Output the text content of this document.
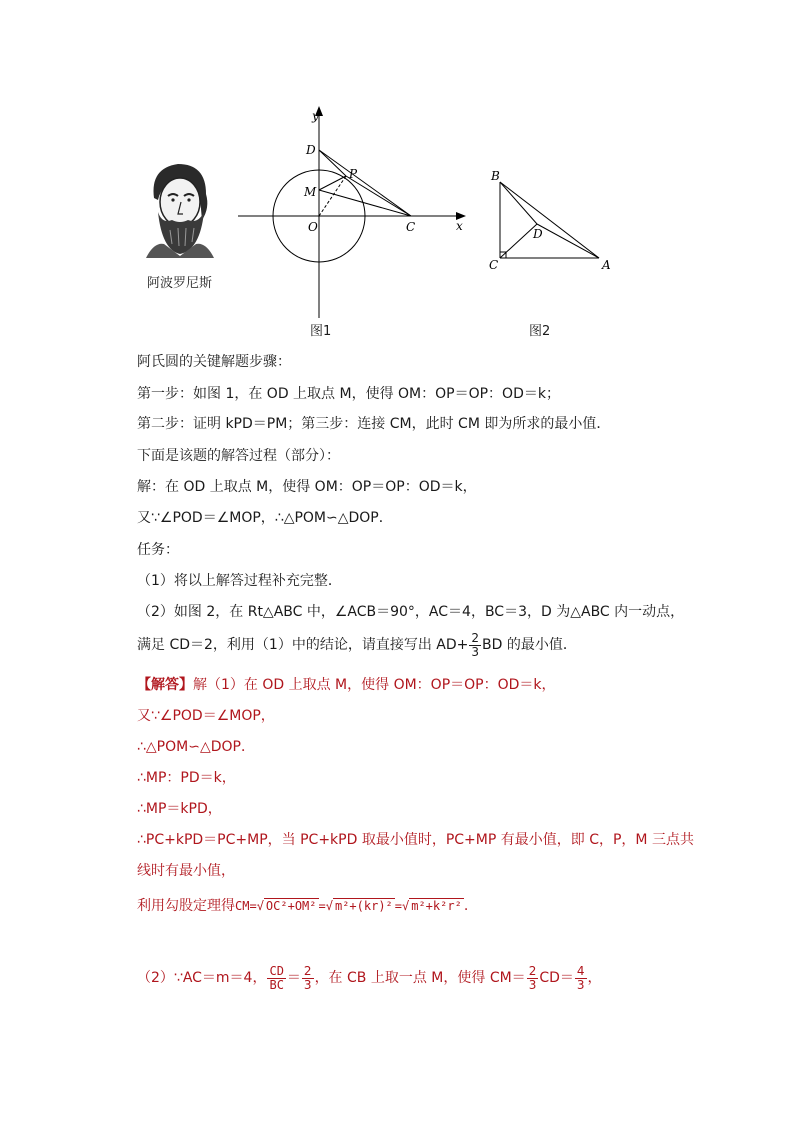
阿波罗尼斯
y
x
D
M
P
O	C
图1
B
D
C	A
图2
阿氏圆的关键解题步骤：
第一步：如图 1，在 OD 上取点 M，使得 OM：OP＝OP：OD＝k；
第二步：证明 kPD＝PM；第三步：连接 CM，此时 CM 即为所求的最小值．
下面是该题的解答过程（部分）：
解：在 OD 上取点 M，使得 OM：OP＝OP：OD＝k，
又∵∠POD＝∠MOP，∴△POM∽△DOP．
任务：
（1）将以上解答过程补充完整．
（2）如图 2，在 Rt△ABC 中，∠ACB＝90°，AC＝4，BC＝3，D 为△ABC 内一动点，
满足 CD＝2，利用（1）中的结论，请直接写出 $AD+ \frac{2}{3}$ BD 的最小值．
【解答】解（1）在 OD 上取点 M，使得 OM：OP＝OP：OD＝k，
又∵∠POD＝∠MOP，
∴△POM∽△DOP．
∴MP：PD＝k，
∴MP＝kPD，
∴PC+kPD＝PC+MP，当 PC+kPD 取最小值时，PC+MP 有最小值，即 C，P，M 三点共
线时有最小值，
利用勾股定理得CM=√ OC²+OM² =√ m²+(kr)² =√ m²+k²r² .
（2）∵AC＝m＝4， $\frac{CD}{BC} = \frac{2}{3}$ ，在 CB 上取一点 M，使得 $CM= \frac{2}{3} CD= \frac{4}{3}$ ，
